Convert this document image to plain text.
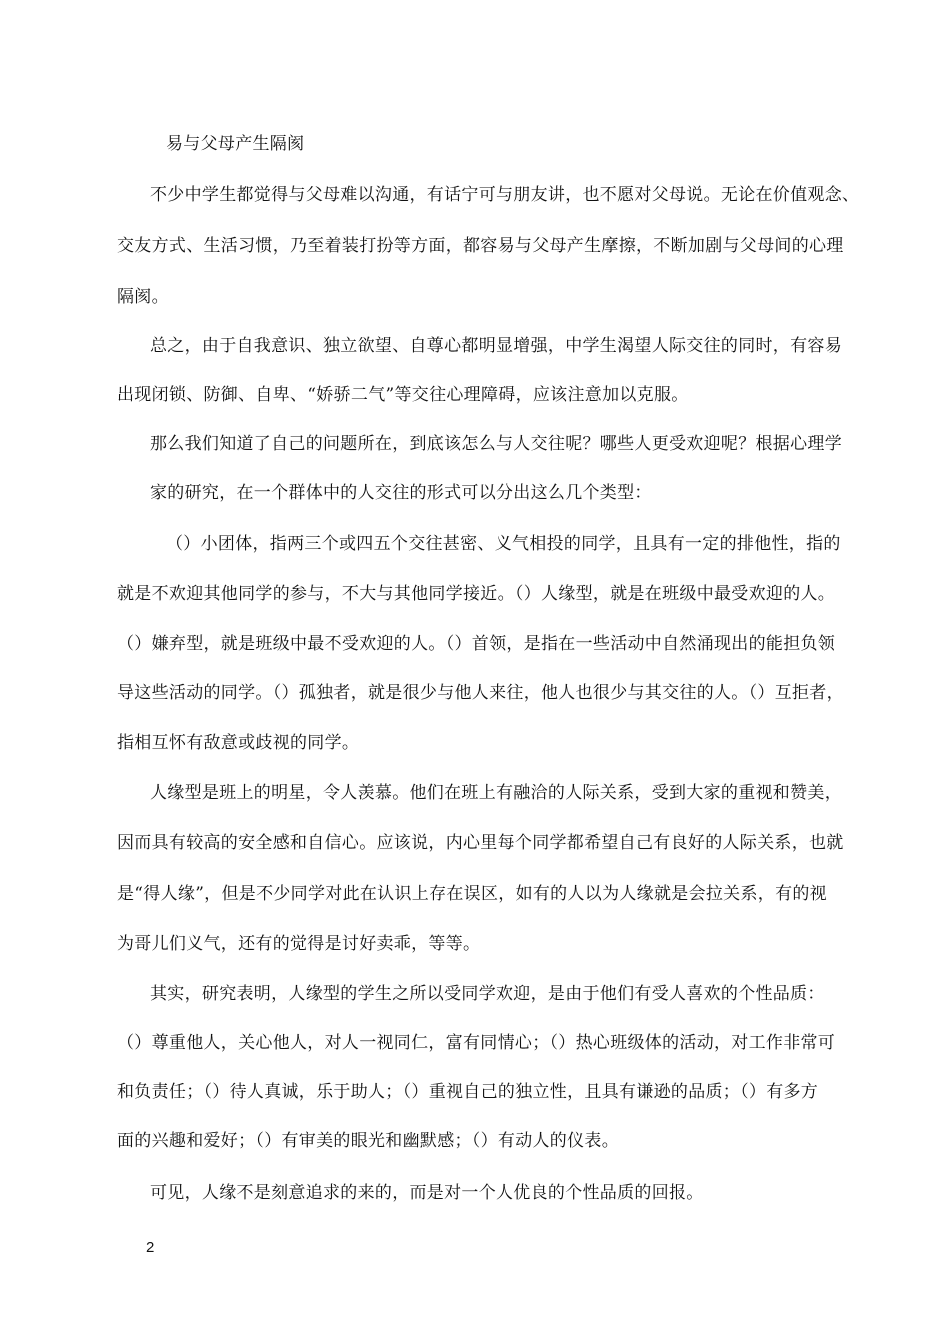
易与父母产生隔阂
不少中学生都觉得与父母难以沟通，有话宁可与朋友讲，也不愿对父母说。无论在价值观念、
交友方式、生活习惯，乃至着装打扮等方面，都容易与父母产生摩擦，不断加剧与父母间的心理
隔阂。
总之，由于自我意识、独立欲望、自尊心都明显增强，中学生渴望人际交往的同时，有容易
出现闭锁、防御、自卑、“娇骄二气”等交往心理障碍，应该注意加以克服。
那么我们知道了自己的问题所在，到底该怎么与人交往呢？哪些人更受欢迎呢？根据心理学
家的研究，在一个群体中的人交往的形式可以分出这么几个类型：
（）小团体，指两三个或四五个交往甚密、义气相投的同学，且具有一定的排他性，指的
就是不欢迎其他同学的参与，不大与其他同学接近。（）人缘型，就是在班级中最受欢迎的人。
（）嫌弃型，就是班级中最不受欢迎的人。（）首领，是指在一些活动中自然涌现出的能担负领
导这些活动的同学。（）孤独者，就是很少与他人来往，他人也很少与其交往的人。（）互拒者，
指相互怀有敌意或歧视的同学。
人缘型是班上的明星，令人羡慕。他们在班上有融洽的人际关系，受到大家的重视和赞美，
因而具有较高的安全感和自信心。应该说，内心里每个同学都希望自己有良好的人际关系，也就
是“得人缘”，但是不少同学对此在认识上存在误区，如有的人以为人缘就是会拉关系，有的视
为哥儿们义气，还有的觉得是讨好卖乖，等等。
其实，研究表明，人缘型的学生之所以受同学欢迎，是由于他们有受人喜欢的个性品质：
（）尊重他人，关心他人，对人一视同仁，富有同情心；（）热心班级体的活动，对工作非常可
和负责任；（）待人真诚，乐于助人；（）重视自己的独立性，且具有谦逊的品质；（）有多方
面的兴趣和爱好；（）有审美的眼光和幽默感；（）有动人的仪表。
可见，人缘不是刻意追求的来的，而是对一个人优良的个性品质的回报。
2
